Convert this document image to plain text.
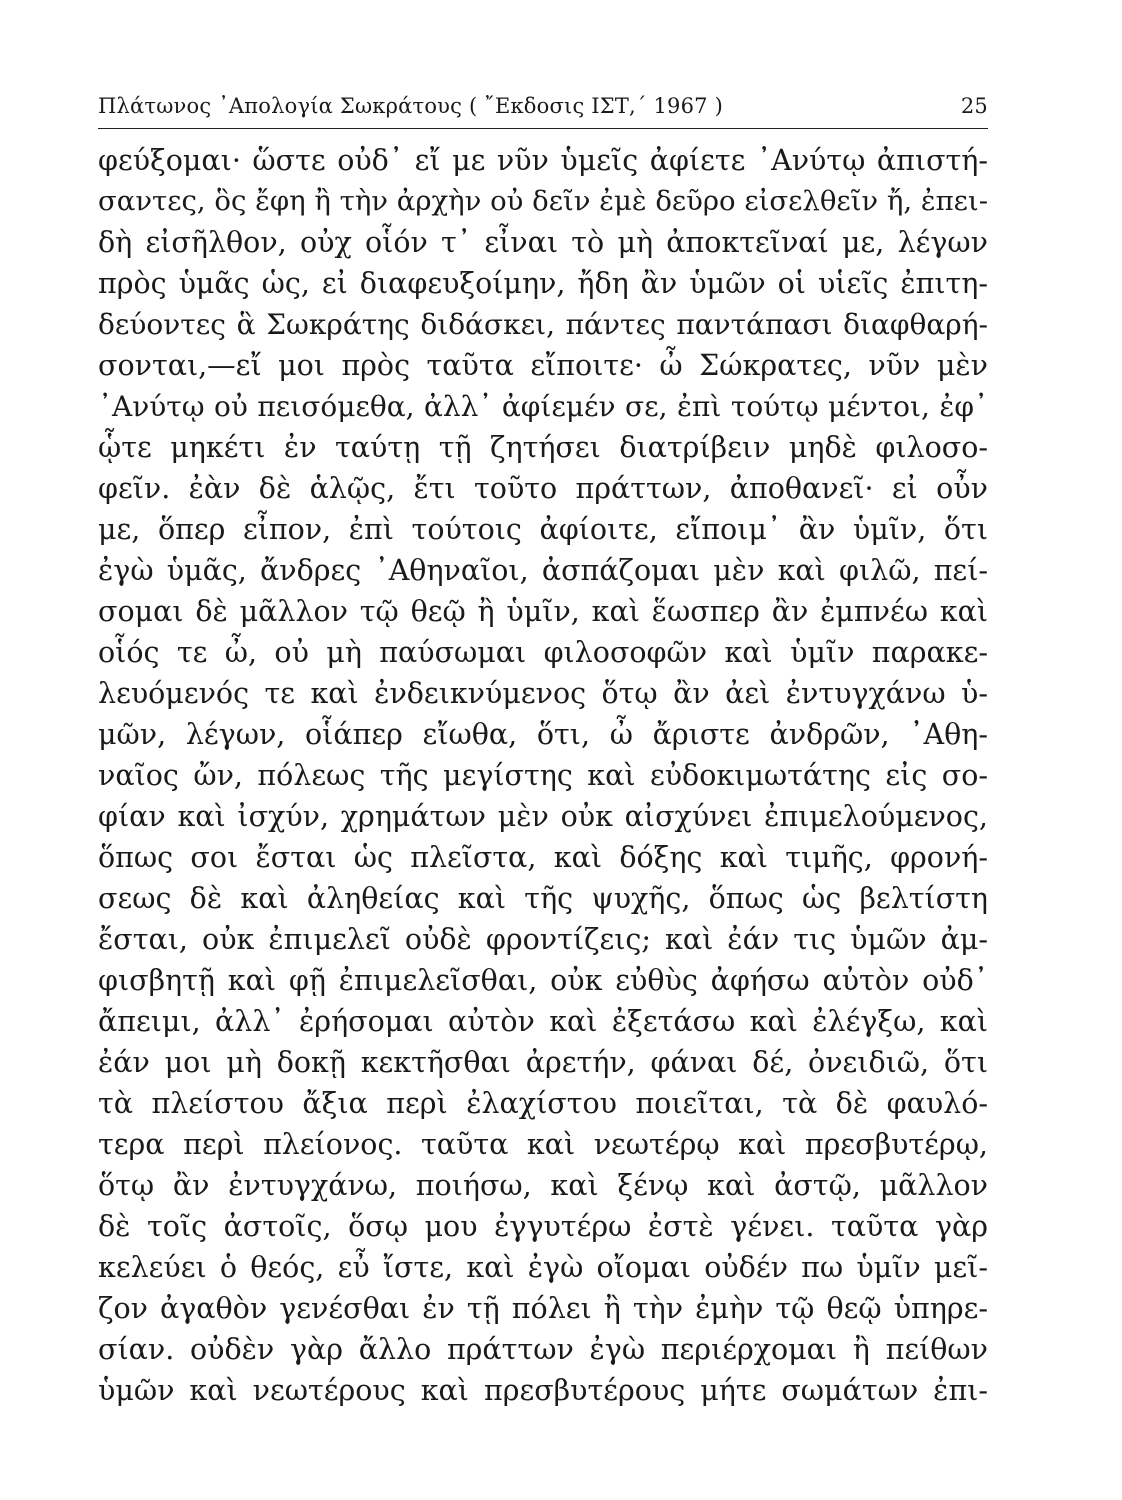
Πλάτωνος ᾿Απολογία Σωκράτους ( ῎Εκδοσις ΙΣΤ,΄ 1967 )	25
φεύξομαι· ὥστε οὐδ᾿ εἴ με νῦν ὑμεῖς ἀφίετε ᾿Ανύτῳ ἀπιστή-
σαντες, ὃς ἔφη ἢ τὴν ἀρχὴν οὐ δεῖν ἐμὲ δεῦρο εἰσελθεῖν ἤ, ἐπει-
δὴ εἰσῆλθον, οὐχ οἷόν τ᾿ εἶναι τὸ μὴ ἀποκτεῖναί με, λέγων
πρὸς ὑμᾶς ὡς, εἰ διαφευξοίμην, ἤδη ἂν ὑμῶν οἱ υἱεῖς ἐπιτη-
δεύοντες ἃ Σωκράτης διδάσκει, πάντες παντάπασι διαφθαρή-
σονται,—εἴ μοι πρὸς ταῦτα εἴποιτε· ὦ Σώκρατες, νῦν μὲν
᾿Ανύτῳ οὐ πεισόμεθα, ἀλλ᾿ ἀφίεμέν σε, ἐπὶ τούτῳ μέντοι, ἐφ᾿
ᾧτε μηκέτι ἐν ταύτῃ τῇ ζητήσει διατρίβειν μηδὲ φιλοσο-
φεῖν. ἐὰν δὲ ἁλῷς, ἔτι τοῦτο πράττων, ἀποθανεῖ· εἰ οὖν
με, ὅπερ εἶπον, ἐπὶ τούτοις ἀφίοιτε, εἴποιμ᾿ ἂν ὑμῖν, ὅτι
ἐγὼ ὑμᾶς, ἄνδρες ᾿Αθηναῖοι, ἀσπάζομαι μὲν καὶ φιλῶ, πεί-
σομαι δὲ μᾶλλον τῷ θεῷ ἢ ὑμῖν, καὶ ἕωσπερ ἂν ἐμπνέω καὶ
οἷός τε ὦ, οὐ μὴ παύσωμαι φιλοσοφῶν καὶ ὑμῖν παρακε-
λευόμενός τε καὶ ἐνδεικνύμενος ὅτῳ ἂν ἀεὶ ἐντυγχάνω ὑ-
μῶν, λέγων, οἷάπερ εἴωθα, ὅτι, ὦ ἄριστε ἀνδρῶν, ᾿Αθη-
ναῖος ὤν, πόλεως τῆς μεγίστης καὶ εὐδοκιμωτάτης εἰς σο-
φίαν καὶ ἰσχύν, χρημάτων μὲν οὐκ αἰσχύνει ἐπιμελούμενος,
ὅπως σοι ἔσται ὡς πλεῖστα, καὶ δόξης καὶ τιμῆς, φρονή-
σεως δὲ καὶ ἀληθείας καὶ τῆς ψυχῆς, ὅπως ὡς βελτίστη
ἔσται, οὐκ ἐπιμελεῖ οὐδὲ φροντίζεις; καὶ ἐάν τις ὑμῶν ἀμ-
φισβητῇ καὶ φῇ ἐπιμελεῖσθαι, οὐκ εὐθὺς ἀφήσω αὐτὸν οὐδ᾿
ἄπειμι, ἀλλ᾿ ἐρήσομαι αὐτὸν καὶ ἐξετάσω καὶ ἐλέγξω, καὶ
ἐάν μοι μὴ δοκῇ κεκτῆσθαι ἀρετήν, φάναι δέ, ὀνειδιῶ, ὅτι
τὰ πλείστου ἄξια περὶ ἐλαχίστου ποιεῖται, τὰ δὲ φαυλό-
τερα περὶ πλείονος. ταῦτα καὶ νεωτέρῳ καὶ πρεσβυτέρῳ,
ὅτῳ ἂν ἐντυγχάνω, ποιήσω, καὶ ξένῳ καὶ ἀστῷ, μᾶλλον
δὲ τοῖς ἀστοῖς, ὅσῳ μου ἐγγυτέρω ἐστὲ γένει. ταῦτα γὰρ
κελεύει ὁ θεός, εὖ ἴστε, καὶ ἐγὼ οἴομαι οὐδέν πω ὑμῖν μεῖ-
ζον ἀγαθὸν γενέσθαι ἐν τῇ πόλει ἢ τὴν ἐμὴν τῷ θεῷ ὑπηρε-
σίαν. οὐδὲν γὰρ ἄλλο πράττων ἐγὼ περιέρχομαι ἢ πείθων
ὑμῶν καὶ νεωτέρους καὶ πρεσβυτέρους μήτε σωμάτων ἐπι-
